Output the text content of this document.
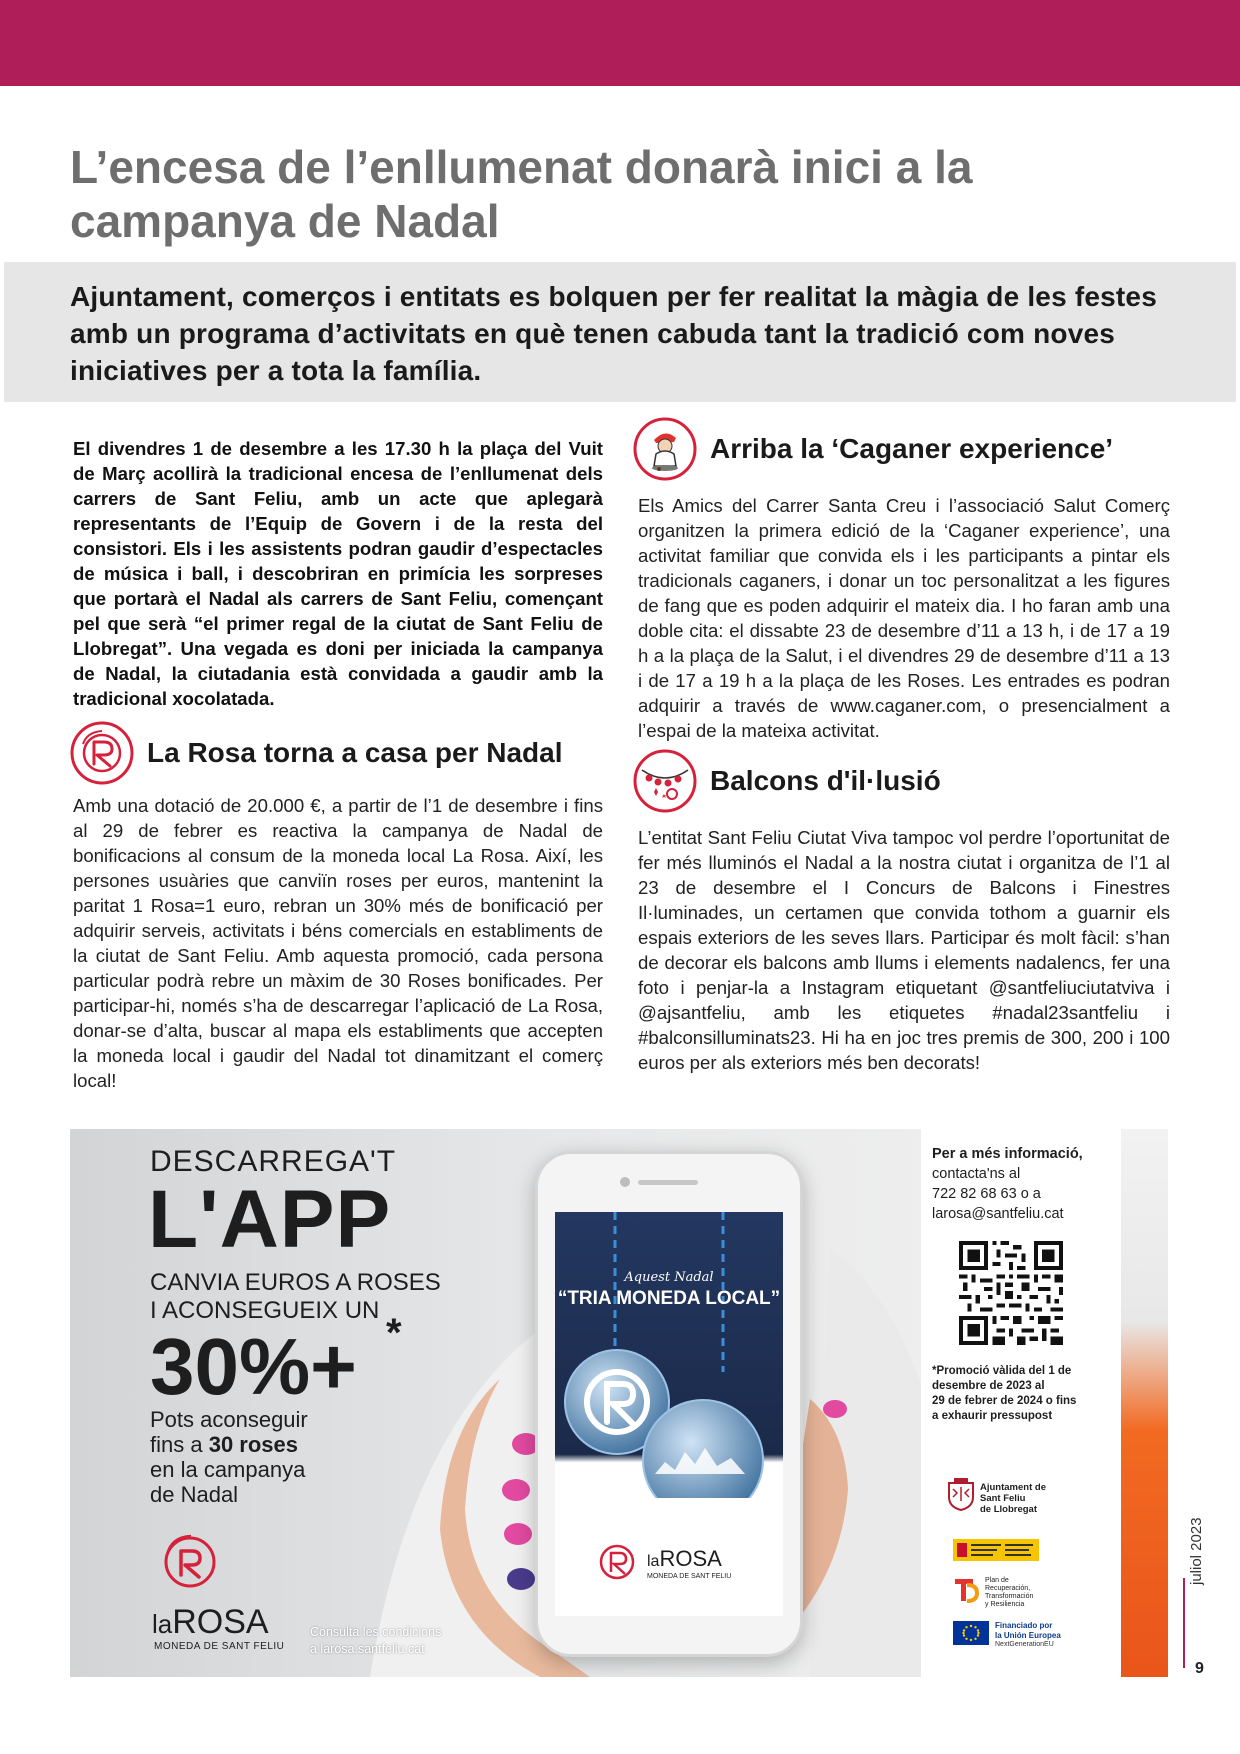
L’encesa de l’enllumenat donarà inici a la campanya de Nadal

Ajuntament, comerços i entitats es bolquen per fer realitat la màgia de les festes amb un programa d’activitats en què tenen cabuda tant la tradició com noves iniciatives per a tota la família.

El divendres 1 de desembre a les 17.30 h la plaça del Vuit de Març acollirà la tradicional encesa de l’enllumenat dels carrers de Sant Feliu, amb un acte que aplegarà representants de l’Equip de Govern i de la resta del consistori. Els i les assistents podran gaudir d’espectacles de música i ball, i descobriran en primícia les sorpreses que portarà el Nadal als carrers de Sant Feliu, començant pel que serà “el primer regal de la ciutat de Sant Feliu de Llobregat”. Una vegada es doni per iniciada la campanya de Nadal, la ciutadania està convidada a gaudir amb la tradicional xocolatada.

La Rosa torna a casa per Nadal

Amb una dotació de 20.000 €, a partir de l’1 de desembre i fins al 29 de febrer es reactiva la campanya de Nadal de bonificacions al consum de la moneda local La Rosa. Així, les persones usuàries que canviïn roses per euros, mantenint la paritat 1 Rosa=1 euro, rebran un 30% més de bonificació per adquirir serveis, activitats i béns comercials en establiments de la ciutat de Sant Feliu. Amb aquesta promoció, cada persona particular podrà rebre un màxim de 30 Roses bonificades. Per participar-hi, només s’ha de descarregar l’aplicació de La Rosa, donar-se d’alta, buscar al mapa els establiments que accepten la moneda local i gaudir del Nadal tot dinamitzant el comerç local!

Arriba la ‘Caganer experience’

Els Amics del Carrer Santa Creu i l’associació Salut Comerç organitzen la primera edició de la ‘Caganer experience’, una activitat familiar que convida els i les participants a pintar els tradicionals caganers, i donar un toc personalitzat a les figures de fang que es poden adquirir el mateix dia. I ho faran amb una doble cita: el dissabte 23 de desembre d’11 a 13 h, i de 17 a 19 h a la plaça de la Salut, i el divendres 29 de desembre d’11 a 13 i de 17 a 19 h a la plaça de les Roses. Les entrades es podran adquirir a través de www.caganer.com, o presencialment a l’espai de la mateixa activitat.

Balcons d'il·lusió

L’entitat Sant Feliu Ciutat Viva tampoc vol perdre l’oportunitat de fer més lluminós el Nadal a la nostra ciutat i organitza de l’1 al 23 de desembre el I Concurs de Balcons i Finestres Il·luminades, un certamen que convida tothom a guarnir els espais exteriors de les seves llars. Participar és molt fàcil: s’han de decorar els balcons amb llums i elements nadalencs, fer una foto i penjar-la a Instagram etiquetant @santfeliuciutatviva i @ajsantfeliu, amb les etiquetes #nadal23santfeliu i #balconsilluminats23. Hi ha en joc tres premis de 300, 200 i 100 euros per als exteriors més ben decorats!

DESCARREGA'T
L'APP
CANVIA EUROS A ROSES
I ACONSEGUEIX UN
30%+ *
Pots aconseguir
fins a 30 roses
en la campanya
de Nadal
laROSA
MONEDA DE SANT FELIU
Consulta les condicions
a larosa.santfeliu.cat
Aquest Nadal
“TRIA MONEDA LOCAL”
laROSA
MONEDA DE SANT FELIU
Per a més informació,
contacta'ns al
722 82 68 63 o a
larosa@santfeliu.cat
*Promoció vàlida del 1 de
desembre de 2023 al
29 de febrer de 2024 o fins
a exhaurir pressupost
Ajuntament de
Sant Feliu
de Llobregat
Plan de
Recuperación,
Transformación
y Resiliencia
Financiado por
la Unión Europea
NextGenerationEU
juliol 2023
9
